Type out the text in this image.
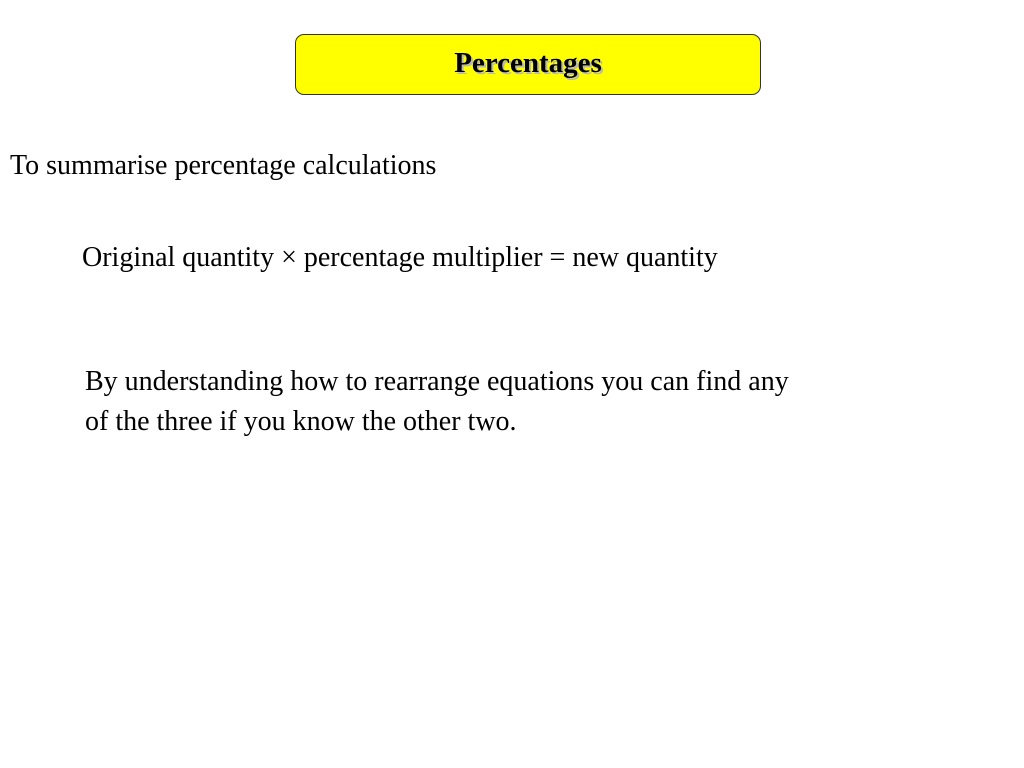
Percentages
To summarise percentage calculations
Original quantity × percentage multiplier = new quantity
By understanding how to rearrange equations you can find any
of the three if you know the other two.
